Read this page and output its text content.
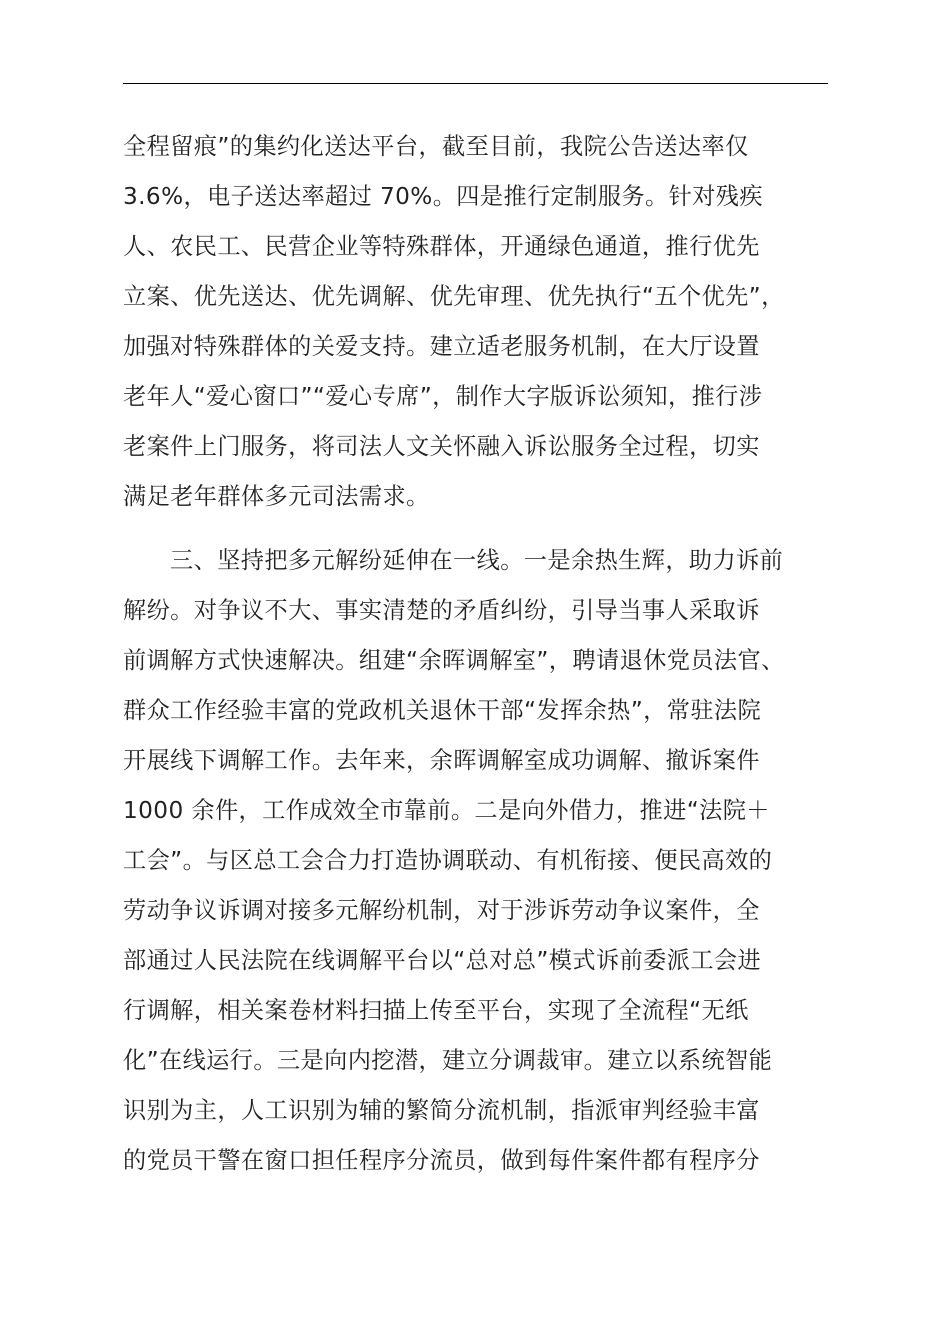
全程留痕”的集约化送达平台，截至目前，我院公告送达率仅
3.6%，电子送达率超过 70%。四是推行定制服务。针对残疾
人、农民工、民营企业等特殊群体，开通绿色通道，推行优先
立案、优先送达、优先调解、优先审理、优先执行“五个优先”，
加强对特殊群体的关爱支持。建立适老服务机制，在大厅设置
老年人“爱心窗口”“爱心专席”，制作大字版诉讼须知，推行涉
老案件上门服务，将司法人文关怀融入诉讼服务全过程，切实
满足老年群体多元司法需求。
三、坚持把多元解纷延伸在一线。一是余热生辉，助力诉前
解纷。对争议不大、事实清楚的矛盾纠纷，引导当事人采取诉
前调解方式快速解决。组建“余晖调解室”，聘请退休党员法官、
群众工作经验丰富的党政机关退休干部“发挥余热”，常驻法院
开展线下调解工作。去年来，余晖调解室成功调解、撤诉案件
1000 余件，工作成效全市靠前。二是向外借力，推进“法院＋
工会”。与区总工会合力打造协调联动、有机衔接、便民高效的
劳动争议诉调对接多元解纷机制，对于涉诉劳动争议案件，全
部通过人民法院在线调解平台以“总对总”模式诉前委派工会进
行调解，相关案卷材料扫描上传至平台，实现了全流程“无纸
化”在线运行。三是向内挖潜，建立分调裁审。建立以系统智能
识别为主，人工识别为辅的繁简分流机制，指派审判经验丰富
的党员干警在窗口担任程序分流员，做到每件案件都有程序分
